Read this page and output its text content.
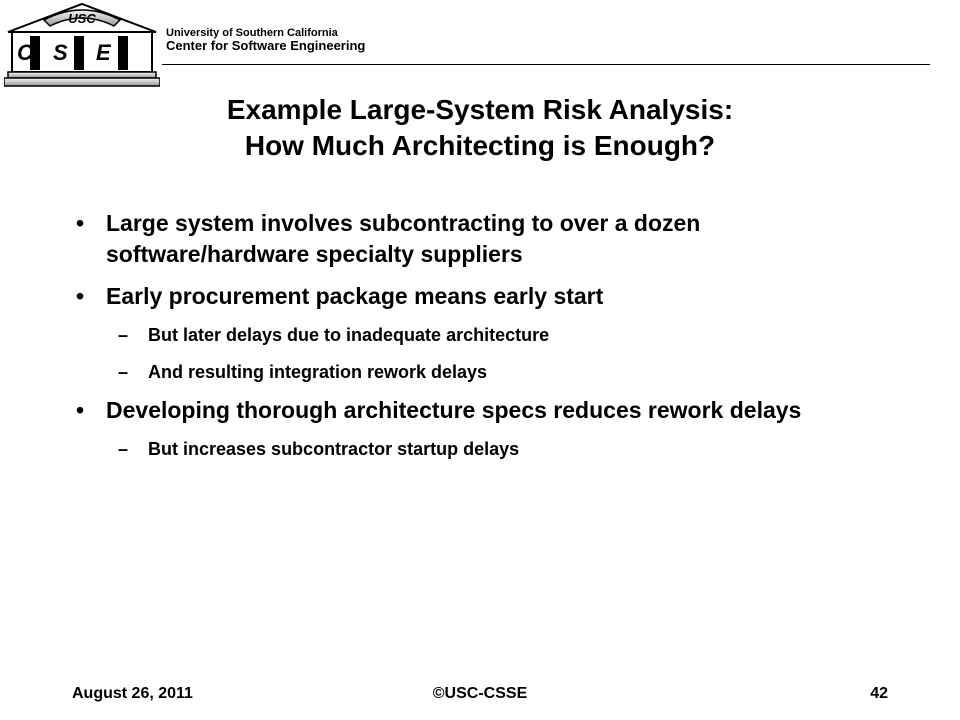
USC
C S E
University of Southern California
Center for Software Engineering
Example Large-System Risk Analysis:
How Much Architecting is Enough?
• Large system involves subcontracting to over a dozen software/hardware specialty suppliers
• Early procurement package means early start
– But later delays due to inadequate architecture
– And resulting integration rework delays
• Developing thorough architecture specs reduces rework delays
– But increases subcontractor startup delays
August 26, 2011	©USC-CSSE	42
